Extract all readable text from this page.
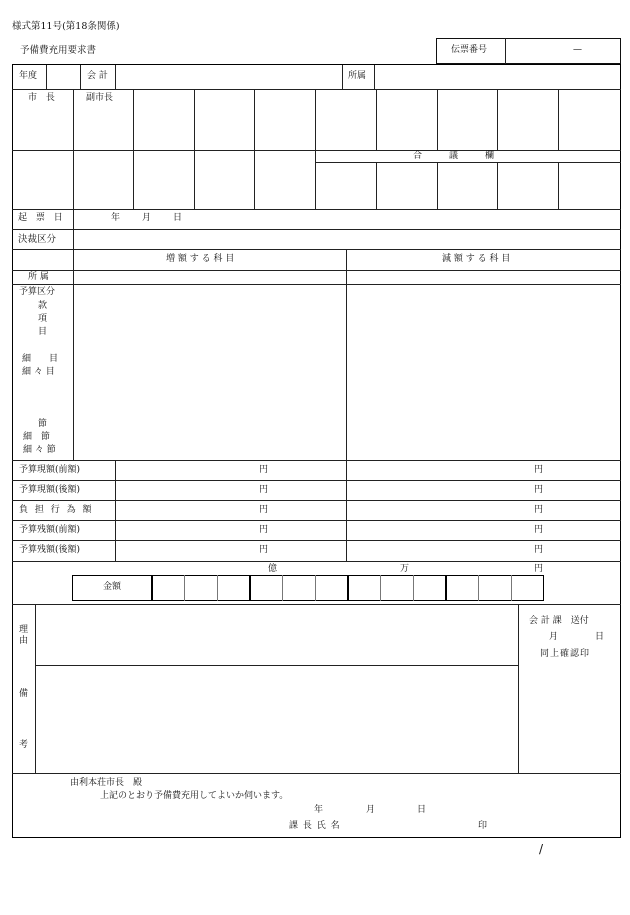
様式第11号(第18条関係)
予備費充用要求書	伝票番号	—
年度	会 計	所属
市 長	副市長
合　　　議　　　欄
起 票 日	年 月 日
決裁区分
増 額 す る 科 目	減 額 す る 科 目
所 属
予算区分
款
項
目
細　　目
細 々 目
節
細　節
細 々 節
予算現額(前額)	円	円
予算現額(後額)	円	円
負 担 行 為 額	円	円
予算残額(前額)	円	円
予算残額(後額)	円	円
億	万	円
金額
理
由
備
考
会 計 課　送付
月	日
同上確認印
由利本荘市長　殿
上記のとおり予備費充用してよいか伺います。
年	月	日
課 長 氏 名	印
/
